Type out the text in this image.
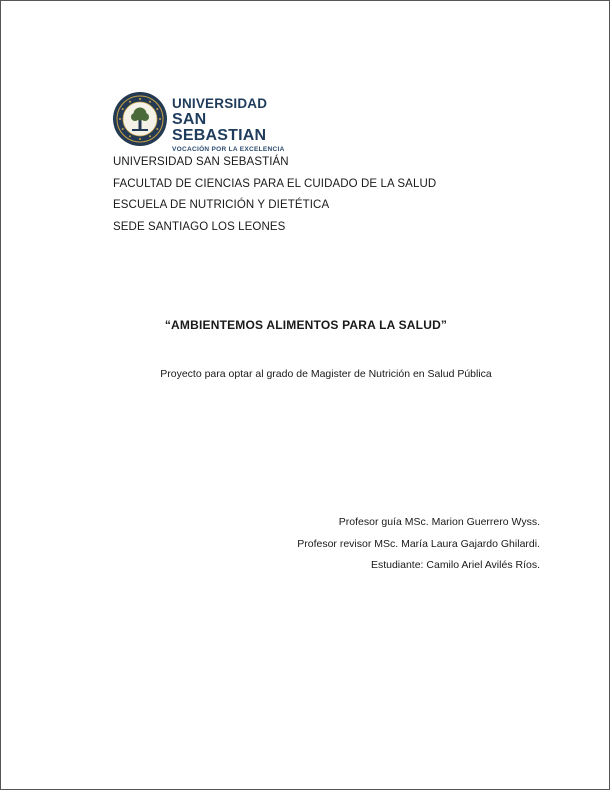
UNIVERSIDAD
SAN SEBASTIAN
VOCACIÓN POR LA EXCELENCIA
UNIVERSIDAD SAN SEBASTIÁN
FACULTAD DE CIENCIAS PARA EL CUIDADO DE LA SALUD
ESCUELA DE NUTRICIÓN Y DIETÉTICA
SEDE SANTIAGO LOS LEONES
“AMBIENTEMOS ALIMENTOS PARA LA SALUD”
Proyecto para optar al grado de Magister de Nutrición en Salud Pública
Profesor guía MSc. Marion Guerrero Wyss.
Profesor revisor MSc. María Laura Gajardo Ghilardi.
Estudiante: Camilo Ariel Avilés Ríos.
